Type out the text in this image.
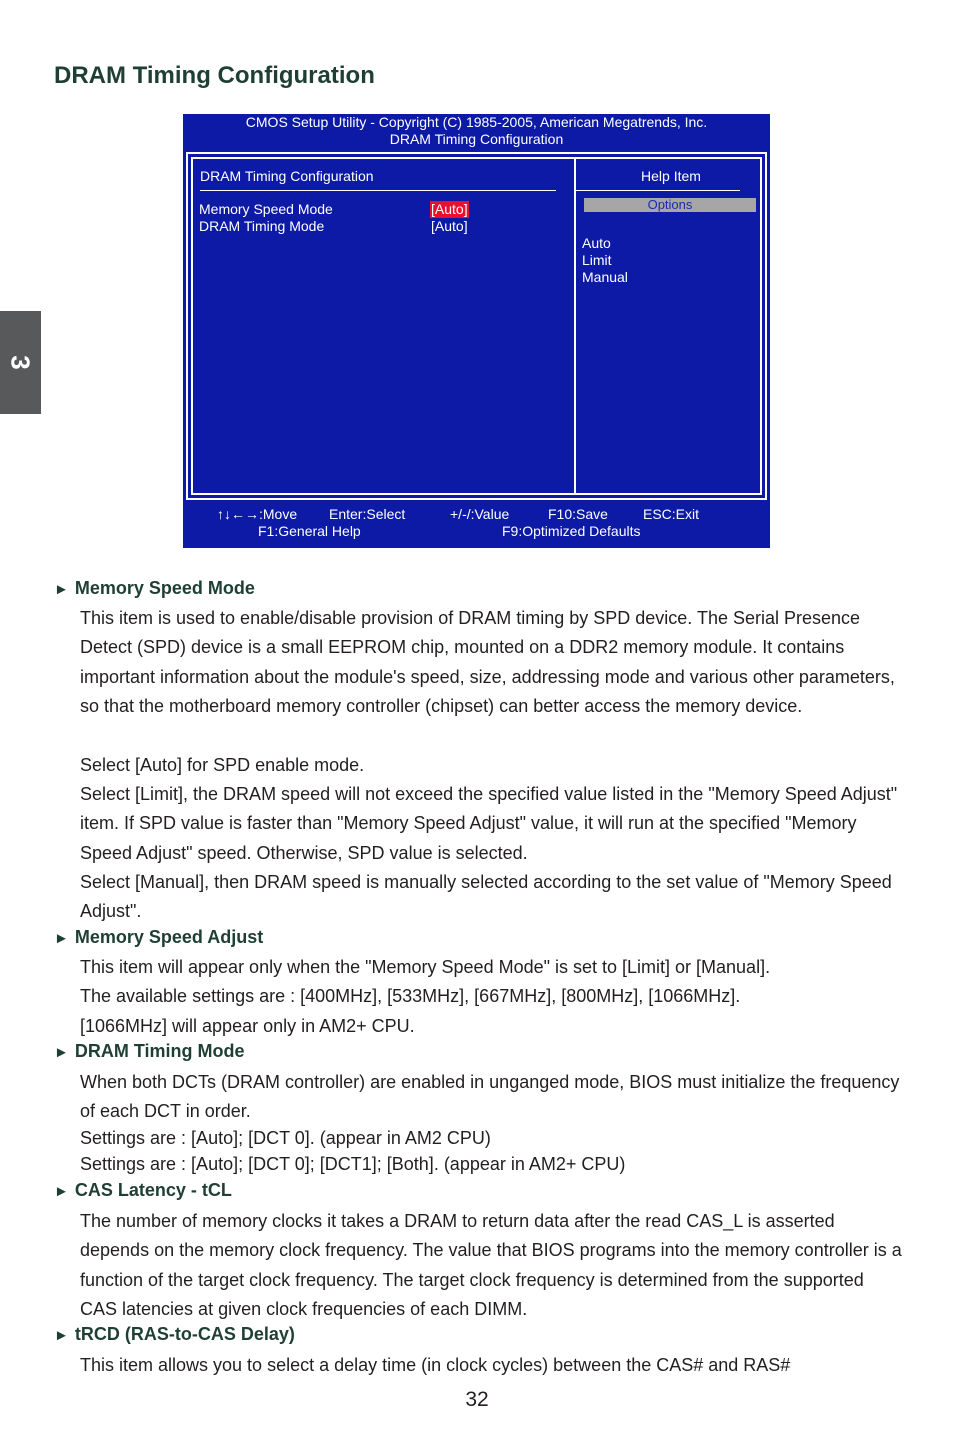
DRAM Timing Configuration
3
CMOS Setup Utility - Copyright (C) 1985-2005, American Megatrends, Inc.
DRAM Timing Configuration
DRAM Timing Configuration
Memory Speed Mode	[Auto]
DRAM Timing Mode	[Auto]
Help Item
Options
Auto
Limit
Manual
↑↓←→:Move Enter:Select	+/-/:Value	F10:Save	ESC:Exit
F1:General Help	F9:Optimized Defaults
► Memory Speed Mode
This item is used to enable/disable provision of DRAM timing by SPD device. The Serial Presence Detect (SPD) device is a small EEPROM chip, mounted on a DDR2 memory module. It contains important information about the module's speed, size, addressing mode and various other parameters, so that the motherboard memory controller (chipset) can better access the memory device.
Select [Auto] for SPD enable mode.
Select [Limit], the DRAM speed will not exceed the specified value listed in the "Memory Speed Adjust" item. If SPD value is faster than "Memory Speed Adjust" value, it will run at the specified "Memory Speed Adjust" speed. Otherwise, SPD value is selected.
Select [Manual], then DRAM speed is manually selected according to the set value of "Memory Speed Adjust".
► Memory Speed Adjust
This item will appear only when the "Memory Speed Mode" is set to [Limit] or [Manual].
The available settings are : [400MHz], [533MHz], [667MHz], [800MHz], [1066MHz].
[1066MHz] will appear only in AM2+ CPU.
► DRAM Timing Mode
When both DCTs (DRAM controller) are enabled in unganged mode, BIOS must initialize the frequency of each DCT in order.
Settings are : [Auto]; [DCT 0]. (appear in AM2 CPU)
Settings are : [Auto]; [DCT 0]; [DCT1]; [Both]. (appear in AM2+ CPU)
► CAS Latency - tCL
The number of memory clocks it takes a DRAM to return data after the read CAS_L is asserted depends on the memory clock frequency. The value that BIOS programs into the memory controller is a function of the target clock frequency. The target clock frequency is determined from the supported CAS latencies at given clock frequencies of each DIMM.
► tRCD (RAS-to-CAS Delay)
This item allows you to select a delay time (in clock cycles) between the CAS# and RAS#
32
